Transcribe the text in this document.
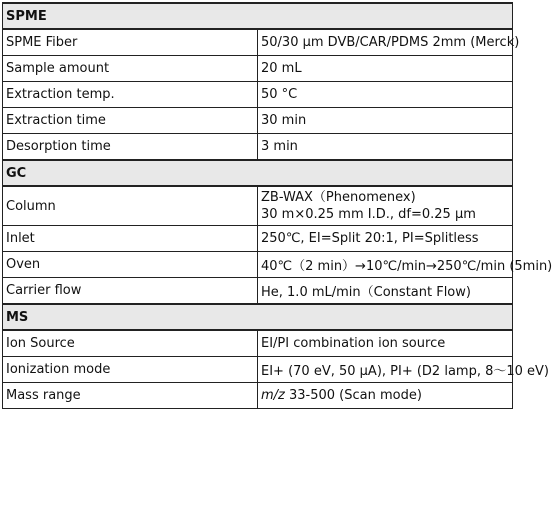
SPME	
SPME Fiber	50/30 μm DVB/CAR/PDMS 2mm (Merck)
Sample amount	20 mL
Extraction temp.	50 °C
Extraction time	30 min
Desorption time	3 min
GC	
Column	ZB-WAX（Phenomenex)
30 m×0.25 mm I.D., df=0.25 μm

Inlet	250℃, EI=Split 20:1, PI=Splitless
Oven	40℃（2 min）→10℃/min→250℃/min (5min)
Carrier flow	He, 1.0 mL/min（Constant Flow)
MS	
Ion Source	EI/PI combination ion source
Ionization mode	EI+ (70 eV, 50 μA), PI+ (D2 lamp, 8～10 eV)
Mass range	m/z 33-500 (Scan mode)
